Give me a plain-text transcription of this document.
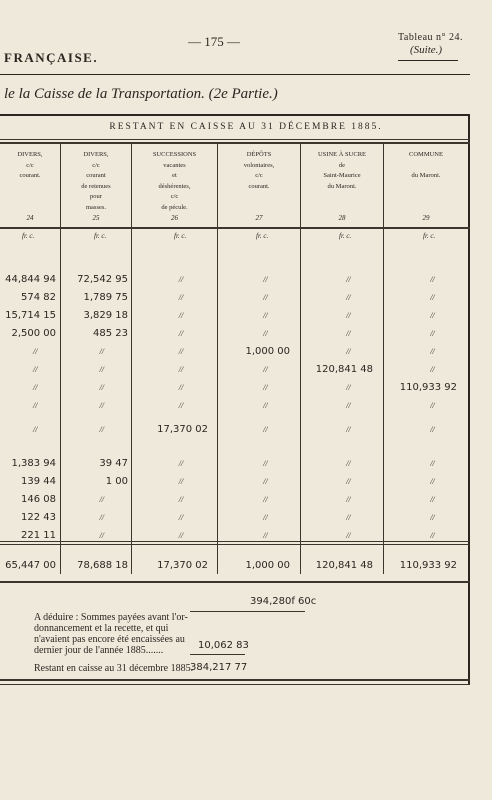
— 175 —	Tableau n° 24.
(Suite.)
FRANÇAISE.
le la Caisse de la Transportation. (2e Partie.)
RESTANT EN CAISSE AU 31 DÉCEMBRE 1885.
DIVERS,
c/c
courant.
24
fr. c.
DIVERS,
c/c
courant
de retenues
pour
masses.
25
fr. c.
SUCCESSIONS
vacantes
et
déshérentes,
c/c
de pécule.
26
fr. c.
DÉPÔTS
volontaires,
c/c
courant.
27
fr. c.
USINE À SUCRE
de
Saint-Maurice
du Maroni.
28
fr. c.
COMMUNE

du Maroni.
29
fr. c.
44,844 94 72,542 95	//	//	//	//
574 82	1,789 75	//	//	//	//
15,714 15	3,829 18	//	//	//	//
2,500 00	485 23	//	//	//	//
//	//	//	1,000 00	//	//
//	//	//	//	120,841 48	//
//	//	//	//	//	110,933 92
//	//	//	//	//	//
//	//	17,370 02	//	//	//
1,383 94	39 47	//	//	//	//
139 44	1 00	//	//	//	//
146 08	//	//	//	//	//
122 43	//	//	//	//	//
221 11	//	//	//	//	//
65,447 00 78,688 18	17,370 02	1,000 00	120,841 48	110,933 92
394,280f 60c
A déduire : Sommes payées avant l'or-
donnancement et la recette, et qui
n'avaient pas encore été encaissées au
dernier jour de l'année 1885.......	10,062 83
Restant en caisse au 31 décembre 1885.
384,217 77
